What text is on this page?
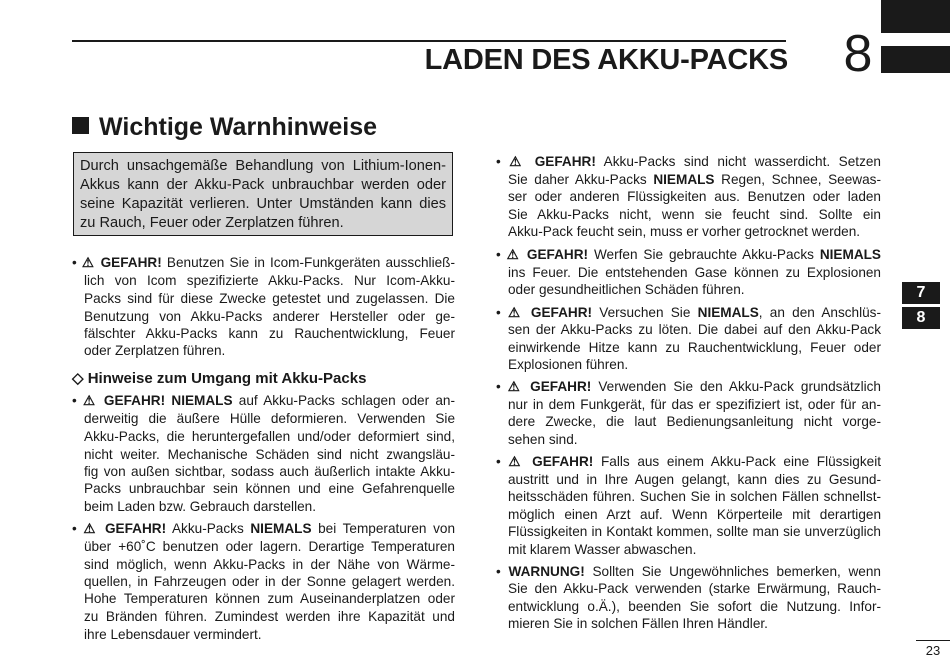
LADEN DES AKKU-PACKS 8
Wichtige Warnhinweise
Durch unsachgemäße Behandlung von Lithium-Ionen-
Akkus kann der Akku-Pack unbrauchbar werden oder
seine Kapazität verlieren. Unter Umständen kann dies
zu Rauch, Feuer oder Zerplatzen führen.
• ⚠ GEFAHR! Benutzen Sie in Icom-Funkgeräten ausschließ-
lich von Icom spezifizierte Akku-Packs. Nur Icom-Akku-
Packs sind für diese Zwecke getestet und zugelassen. Die
Benutzung von Akku-Packs anderer Hersteller oder ge-
fälschter Akku-Packs kann zu Rauchentwicklung, Feuer
oder Zerplatzen führen.
◇ Hinweise zum Umgang mit Akku-Packs
• ⚠ GEFAHR! NIEMALS auf Akku-Packs schlagen oder an-
derweitig die äußere Hülle deformieren. Verwenden Sie
Akku-Packs, die heruntergefallen und/oder deformiert sind,
nicht weiter. Mechanische Schäden sind nicht zwangsläu-
fig von außen sichtbar, sodass auch äußerlich intakte Akku-
Packs unbrauchbar sein können und eine Gefahrenquelle
beim Laden bzw. Gebrauch darstellen.
• ⚠ GEFAHR! Akku-Packs NIEMALS bei Temperaturen von
über +60˚C benutzen oder lagern. Derartige Temperaturen
sind möglich, wenn Akku-Packs in der Nähe von Wärme-
quellen, in Fahrzeugen oder in der Sonne gelagert werden.
Hohe Temperaturen können zum Auseinanderplatzen oder
zu Bränden führen. Zumindest werden ihre Kapazität und
ihre Lebensdauer vermindert.
• ⚠ GEFAHR! Akku-Packs sind nicht wasserdicht. Setzen
Sie daher Akku-Packs NIEMALS Regen, Schnee, Seewas-
ser oder anderen Flüssigkeiten aus. Benutzen oder laden
Sie Akku-Packs nicht, wenn sie feucht sind. Sollte ein
Akku-Pack feucht sein, muss er vorher getrocknet werden.
• ⚠ GEFAHR! Werfen Sie gebrauchte Akku-Packs NIEMALS
ins Feuer. Die entstehenden Gase können zu Explosionen
oder gesundheitlichen Schäden führen.
• ⚠ GEFAHR! Versuchen Sie NIEMALS, an den Anschlüs-
sen der Akku-Packs zu löten. Die dabei auf den Akku-Pack
einwirkende Hitze kann zu Rauchentwicklung, Feuer oder
Explosionen führen.
• ⚠ GEFAHR! Verwenden Sie den Akku-Pack grundsätzlich
nur in dem Funkgerät, für das er spezifiziert ist, oder für an-
dere Zwecke, die laut Bedienungsanleitung nicht vorge-
sehen sind.
• ⚠ GEFAHR! Falls aus einem Akku-Pack eine Flüssigkeit
austritt und in Ihre Augen gelangt, kann dies zu Gesund-
heitsschäden führen. Suchen Sie in solchen Fällen schnellst-
möglich einen Arzt auf. Wenn Körperteile mit derartigen
Flüssigkeiten in Kontakt kommen, sollte man sie unverzüglich
mit klarem Wasser abwaschen.
• WARNUNG! Sollten Sie Ungewöhnliches bemerken, wenn
Sie den Akku-Pack verwenden (starke Erwärmung, Rauch-
entwicklung o.Ä.), beenden Sie sofort die Nutzung. Infor-
mieren Sie in solchen Fällen Ihren Händler.
7
8
23
